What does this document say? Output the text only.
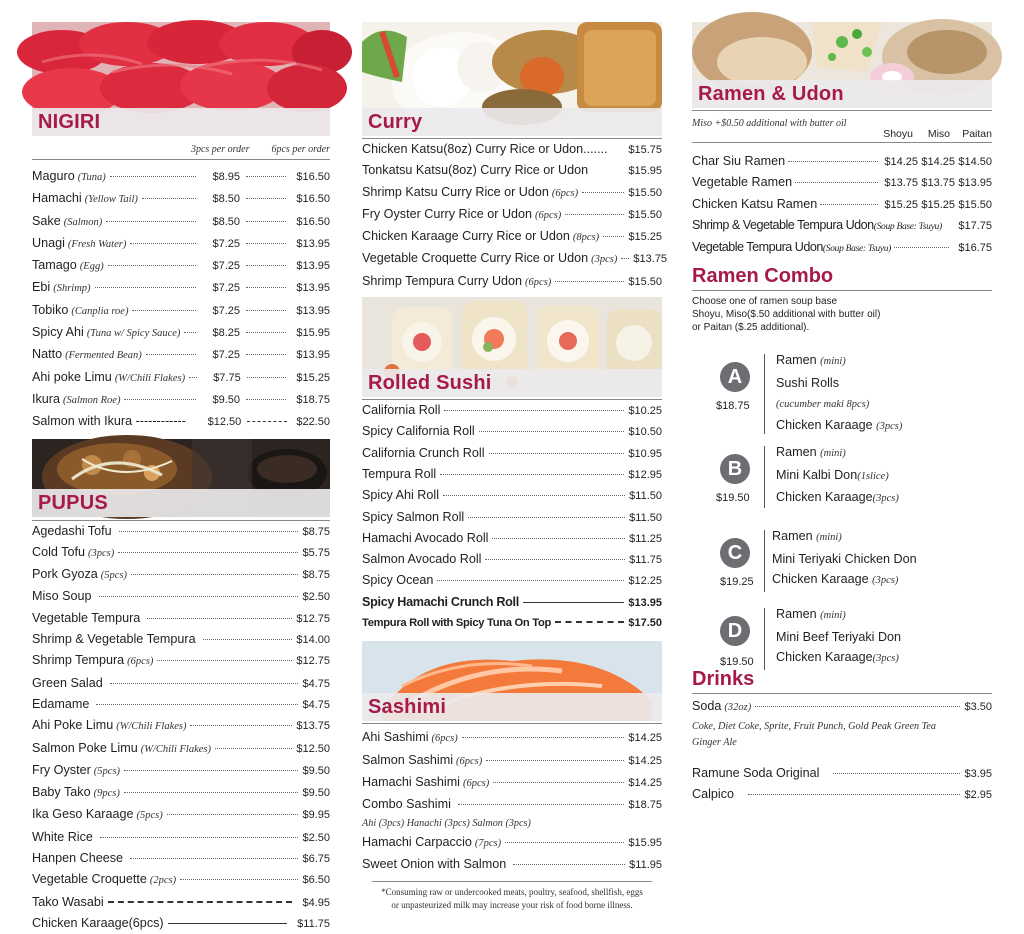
NIGIRI
3pcs per order 6pcs per order
Maguro (Tuna)	$8.95	$16.50
Hamachi (Yellow Tail)	$8.50	$16.50
Sake (Salmon)	$8.50	$16.50
Unagi (Fresh Water)	$7.25	$13.95
Tamago (Egg)	$7.25	$13.95
Ebi (Shrimp)	$7.25	$13.95
Tobiko (Canplia roe)	$7.25	$13.95
Spicy Ahi (Tuna w/ Spicy Sauce)	$8.25	$15.95
Natto (Fermented Bean)	$7.25	$13.95
Ahi poke Limu (W/Chili Flakes)	$7.75	$15.25
Ikura (Salmon Roe)	$9.50	$18.75
Salmon with Ikura ------------	$12.50	$22.50
PUPUS
Agedashi Tofu	$8.75
Cold Tofu (3pcs)	$5.75
Pork Gyoza (5pcs)	$8.75
Miso Soup	$2.50
Vegetable Tempura	$12.75
Shrimp & Vegetable Tempura	$14.00
Shrimp Tempura (6pcs)	$12.75
Green Salad	$4.75
Edamame	$4.75
Ahi Poke Limu (W/Chili Flakes)	$13.75
Salmon Poke Limu (W/Chili Flakes)	$12.50
Fry Oyster (5pcs)	$9.50
Baby Tako (9pcs)	$9.50
Ika Geso Karaage (5pcs)	$9.95
White Rice	$2.50
Hanpen Cheese	$6.75
Vegetable Croquette (2pcs)	$6.50
Tako Wasabi	$4.95
Chicken Karaage(6pcs)	$11.75
Curry
Chicken Katsu(8oz) Curry Rice or Udon....... $15.75
Tonkatsu Katsu(8oz) Curry Rice or Udon	$15.95
Shrimp Katsu Curry Rice or Udon (6pcs)	$15.50
Fry Oyster Curry Rice or Udon (6pcs)	$15.50
Chicken Karaage Curry Rice or Udon (8pcs)	$15.25
Vegetable Croquette Curry Rice or Udon (3pcs) $13.75
Shrimp Tempura Curry Udon (6pcs)	$15.50
Rolled Sushi
California Roll	$10.25
Spicy California Roll	$10.50
California Crunch Roll	$10.95
Tempura Roll	$12.95
Spicy Ahi Roll	$11.50
Spicy Salmon Roll	$11.50
Hamachi Avocado Roll	$11.25
Salmon Avocado Roll	$11.75
Spicy Ocean	$12.25
Spicy Hamachi Crunch Roll	$13.95
Tempura Roll with Spicy Tuna On Top	$17.50
Sashimi
Ahi Sashimi (6pcs)	$14.25
Salmon Sashimi (6pcs)	$14.25
Hamachi Sashimi (6pcs)	$14.25
Combo Sashimi	$18.75
Ahi (3pcs) Hanachi (3pcs) Salmon (3pcs)
Hamachi Carpaccio (7pcs)	$15.95
Sweet Onion with Salmon	$11.95
*Consuming raw or undercooked meats, poultry, seafood, shellfish, eggs
or unpasteurized milk may increase your risk of food borne illness.
Ramen & Udon
Miso +$0.50 additional with butter oil
Shoyu	Miso	Paitan
Char Siu Ramen	$14.25 $14.25 $14.50
Vegetable Ramen	$13.75 $13.75 $13.95
Chicken Katsu Ramen	$15.25 $15.25 $15.50
Shrimp & Vegetable Tempura Udon (Soup Base: Tsuyu)	$17.75
Vegetable Tempura Udon (Soup Base: Tsuyu)	$16.75
Ramen Combo
Choose one of ramen soup base
Shoyu, Miso($.50 additional with butter oil)
or Paitan ($.25 additional).
A
$18.75
Ramen (mini)
Sushi Rolls
(cucumber maki 8pcs)
Chicken Karaage (3pcs)
B
$19.50
Ramen (mini)
Mini Kalbi Don(1slice)
Chicken Karaage(3pcs)
C
$19.25
Ramen (mini)
Mini Teriyaki Chicken Don
Chicken Karaage (3pcs)
D
$19.50
Ramen (mini)
Mini Beef Teriyaki Don
Chicken Karaage(3pcs)
Drinks
Soda (32oz)	$3.50
Coke, Diet Coke, Sprite, Fruit Punch, Gold Peak Green Tea
Ginger Ale
Ramune Soda Original	$3.95
Calpico	$2.95
